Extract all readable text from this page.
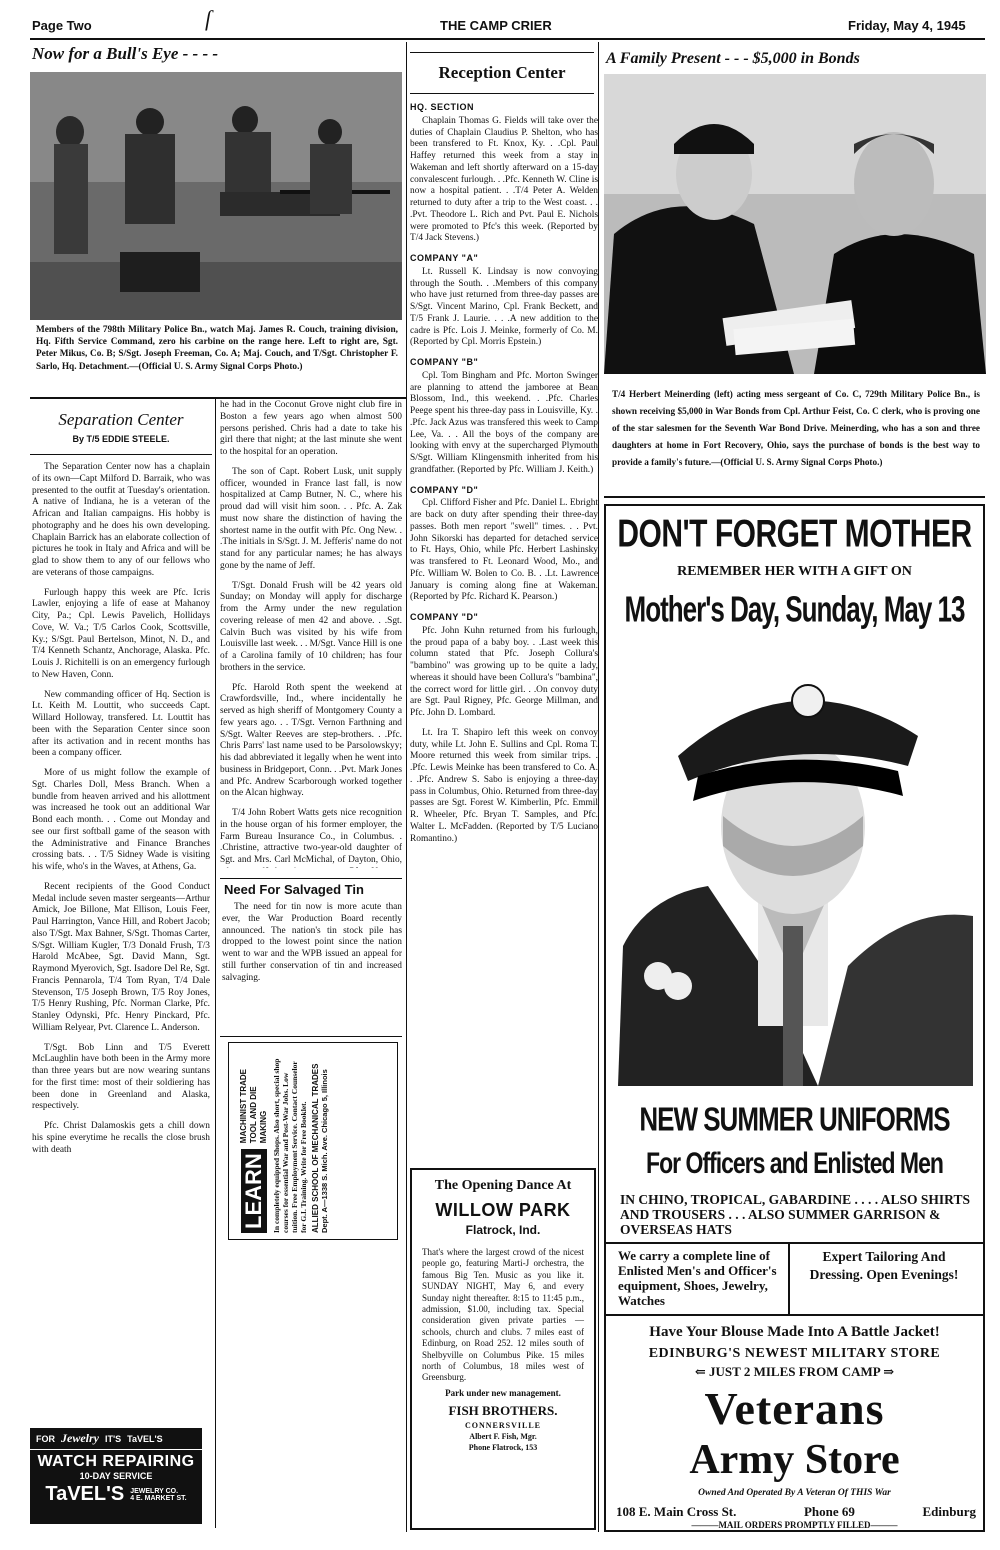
Page Two	ſ	THE CAMP CRIER	Friday, May 4, 1945
Now for a Bull's Eye - - - -
Members of the 798th Military Police Bn., watch Maj. James R. Couch, training division, Hq. Fifth Service Command, zero his carbine on the range here. Left to right are, Sgt. Peter Mikus, Co. B; S/Sgt. Joseph Freeman, Co. A; Maj. Couch, and T/Sgt. Christopher F. Sarlo, Hq. Detachment.—(Official U. S. Army Signal Corps Photo.)
Separation Center
By T/5 EDDIE STEELE.

The Separation Center now has a chaplain of its own—Capt Milford D. Barraik, who was presented to the outfit at Tuesday's orientation. A native of Indiana, he is a veteran of the African and Italian campaigns. His hobby is photography and he does his own developing. Chaplain Barrick has an elaborate collection of pictures he took in Italy and Africa and will be glad to show them to any of our fellows who are veterans of those campaigns.

Furlough happy this week are Pfc. Icris Lawler, enjoying a life of ease at Mahanoy City, Pa.; Cpl. Lewis Pavelich, Hollidays Cove, W. Va.; T/5 Carlos Cook, Scottsville, Ky.; S/Sgt. Paul Bertelson, Minot, N. D., and T/4 Kenneth Schantz, Anchorage, Alaska. Pfc. Louis J. Richitelli is on an emergency furlough to New Haven, Conn.

New commanding officer of Hq. Section is Lt. Keith M. Louttit, who succeeds Capt. Willard Holloway, transfered. Lt. Louttit has been with the Separation Center since soon after its activation and in recent months has been a company officer.

More of us might follow the example of Sgt. Charles Doll, Mess Branch. When a bundle from heaven arrived and his allottment was increased he took out an additional War Bond each month. . . Come out Monday and see our first softball game of the season with the Administrative and Finance Branches crossing bats. . . T/5 Sidney Wade is visiting his wife, who's in the Waves, at Athens, Ga.

Recent recipients of the Good Conduct Medal include seven master sergeants—Arthur Amick, Joe Billone, Mat Ellison, Louis Feer, Paul Harrington, Vance Hill, and Robert Jacob; also T/Sgt. Max Bahner, S/Sgt. Thomas Carter, S/Sgt. William Kugler, T/3 Donald Frush, T/3 Harold McAbee, Sgt. David Mann, Sgt. Raymond Myerovich, Sgt. Isadore Del Re, Sgt. Francis Pennarola, T/4 Tom Ryan, T/4 Dale Stevenson, T/5 Joseph Brown, T/5 Roy Jones, T/5 Henry Rushing, Pfc. Norman Clarke, Pfc. Stanley Odynski, Pfc. Henry Pinckard, Pfc. William Relyear, Pvt. Clarence L. Anderson.

T/Sgt. Bob Linn and T/5 Everett McLaughlin have both been in the Army more than three years but are now wearing suntans for the first time: most of their soldiering has been done in Greenland and Alaska, respectively.

Pfc. Christ Dalamoskis gets a chill down his spine everytime he recalls the close brush with death

he had in the Coconut Grove night club fire in Boston a few years ago when almost 500 persons perished. Chris had a date to take his girl there that night; at the last minute she went to the hospital for an operation.

The son of Capt. Robert Lusk, unit supply officer, wounded in France last fall, is now hospitalized at Camp Butner, N. C., where his proud dad will visit him soon. . . Pfc. A. Zak must now share the distinction of having the shortest name in the outfit with Pfc. Ong New. . .The initials in S/Sgt. J. M. Jefferis' name do not stand for any particular names; he has always gone by the name of Jeff.

T/Sgt. Donald Frush will be 42 years old Sunday; on Monday will apply for discharge from the Army under the new regulation covering release of men 42 and above. . .Sgt. Calvin Buch was visited by his wife from Louisville last week. . . M/Sgt. Vance Hill is one of a Carolina family of 10 children; has four brothers in the service.

Pfc. Harold Roth spent the weekend at Crawfordsville, Ind., where incidentally he served as high sheriff of Montgomery County a few years ago. . . T/Sgt. Vernon Farthning and S/Sgt. Walter Reeves are step-brothers. . .Pfc. Chris Parrs' last name used to be Parsolowskyy; his dad abbreviated it legally when he went into business in Bridgeport, Conn. . .Pvt. Mark Jones and Pfc. Andrew Scarborough worked together on the Alcan highway.

T/4 John Robert Watts gets nice recognition in the house organ of his former employer, the Farm Bureau Insurance Co., in Columbus. . .Christine, attractive two-year-old daughter of Sgt. and Mrs. Carl McMichal, of Dayton, Ohio,

Need For Salvaged Tin

The need for tin now is more acute than ever, the War Production Board recently announced. The nation's tin stock pile has dropped to the lowest point since the nation went to war and the WPB issued an appeal for still further conservation of tin and increased salvaging.

LEARN
MACHINIST TRADE TOOL AND DIE MAKING In completely equipped Shops. Also short, special shop courses for essential War and Post-War Jobs. Low tuition. Free Employment Service. Contact Counselor for G.I. Training. Write for Free Booklet. ALLIED SCHOOL OF MECHANICAL TRADES Dept. A—1338 S. Mich. Ave. Chicago 5, Illinois
FOR Jewelry IT'S TaVEL'S
WATCH REPAIRING
10-DAY SERVICE
TaVEL'S JEWELRY CO.
4 E. MARKET ST.
Reception Center
HQ. SECTION

Chaplain Thomas G. Fields will take over the duties of Chaplain Claudius P. Shelton, who has been transfered to Ft. Knox, Ky. . .Cpl. Paul Haffey returned this week from a stay in Wakeman and left shortly afterward on a 15-day convalescent furlough. . .Pfc. Kenneth W. Cline is now a hospital patient. . .T/4 Peter A. Welden returned to duty after a trip to the West coast. . . .Pvt. Theodore L. Rich and Pvt. Paul E. Nichols were promoted to Pfc's this week. (Reported by T/4 Jack Stevens.)

COMPANY "A"

Lt. Russell K. Lindsay is now convoying through the South. . .Members of this company who have just returned from three-day passes are S/Sgt. Vincent Marino, Cpl. Frank Beckett, and T/5 Frank J. Laurie. . . .A new addition to the cadre is Pfc. Lois J. Meinke, formerly of Co. M. (Reported by Cpl. Morris Epstein.)

COMPANY "B"

Cpl. Tom Bingham and Pfc. Morton Swinger are planning to attend the jamboree at Bean Blossom, Ind., this weekend. . .Pfc. Charles Peege spent his three-day pass in Louisville, Ky. . .Pfc. Jack Azus was transfered this week to Camp Lee, Va. . . All the boys of the company are looking with envy at the supercharged Plymouth S/Sgt. William Klingensmith inherited from his grandfather. (Reported by Pfc. William J. Keith.)

COMPANY "D"

Cpl. Clifford Fisher and Pfc. Daniel L. Ebright are back on duty after spending their three-day passes. Both men report "swell" times. . . Pvt. John Sikorski has departed for detached service to Ft. Hays, Ohio, while Pfc. Herbert Lashinsky was transfered to Ft. Leonard Wood, Mo., and Pfc. William W. Bolen to Co. B. . .Lt. Lawrence January is coming along fine at Wakeman. (Reported by Pfc. Richard K. Pearson.)

COMPANY "D"

Pfc. John Kuhn returned from his furlough, the proud papa of a baby boy. . .Last week this column stated that Pfc. Joseph Collura's "bambino" was growing up to be quite a lady, whereas it should have been Collura's "bambina", the correct word for little girl. . .On convoy duty are Sgt. Paul Rigney, Pfc. George Millman, and Pfc. John D. Lombard.

Lt. Ira T. Shapiro left this week on convoy duty, while Lt. John E. Sullins and Cpl. Roma T. Moore returned this week from similar trips. . .Pfc. Lewis Meinke has been transfered to Co. A. . .Pfc. Andrew S. Sabo is enjoying a three-day pass in Columbus, Ohio. Returned from three-day passes are Sgt. Forest W. Kimberlin, Pfc. Emmil R. Wheeler, Pfc. Bryan T. Samples, and Pfc. Walter L. McFadden. (Reported by T/5 Luciano Romantino.)

The Opening Dance At
WILLOW PARK
Flatrock, Ind.
That's where the largest crowd of the nicest people go, featuring Marti-J orchestra, the famous Big Ten. Music as you like it. SUNDAY NIGHT, May 6, and every Sunday night thereafter. 8:15 to 11:45 p.m., admission, $1.00, including tax. Special consideration given private parties — schools, church and clubs. 7 miles east of Edinburg, on Road 252. 12 miles south of Shelbyville on Columbus Pike. 15 miles north of Columbus, 18 miles west of Greensburg.
Park under new management.
FISH BROTHERS.
CONNERSVILLE
Albert F. Fish, Mgr.
Phone Flatrock, 153
A Family Present - - - $5,000 in Bonds
T/4 Herbert Meinerding (left) acting mess sergeant of Co. C, 729th Military Police Bn., is shown receiving $5,000 in War Bonds from Cpl. Arthur Feist, Co. C clerk, who is proving one of the star salesmen for the Seventh War Bond Drive. Meinerding, who has a son and three daughters at home in Fort Recovery, Ohio, says the purchase of bonds is the best way to provide a family's future.—(Official U. S. Army Signal Corps Photo.)
DON'T FORGET MOTHER
REMEMBER HER WITH A GIFT ON
Mother's Day, Sunday, May 13
NEW SUMMER UNIFORMS
For Officers and Enlisted Men
IN CHINO, TROPICAL, GABARDINE . . . . ALSO SHIRTS AND TROUSERS . . . ALSO SUMMER GARRISON & OVERSEAS HATS
We carry a complete line of Enlisted Men's and Officer's equipment, Shoes, Jewelry, Watches
Expert Tailoring And Dressing. Open Evenings!
Have Your Blouse Made Into A Battle Jacket!
EDINBURG'S NEWEST MILITARY STORE
⇐ JUST 2 MILES FROM CAMP ⇒
Veterans
Army Store
Owned And Operated By A Veteran Of THIS War
108 E. Main Cross St.	Phone 69	Edinburg
———MAIL ORDERS PROMPTLY FILLED———
